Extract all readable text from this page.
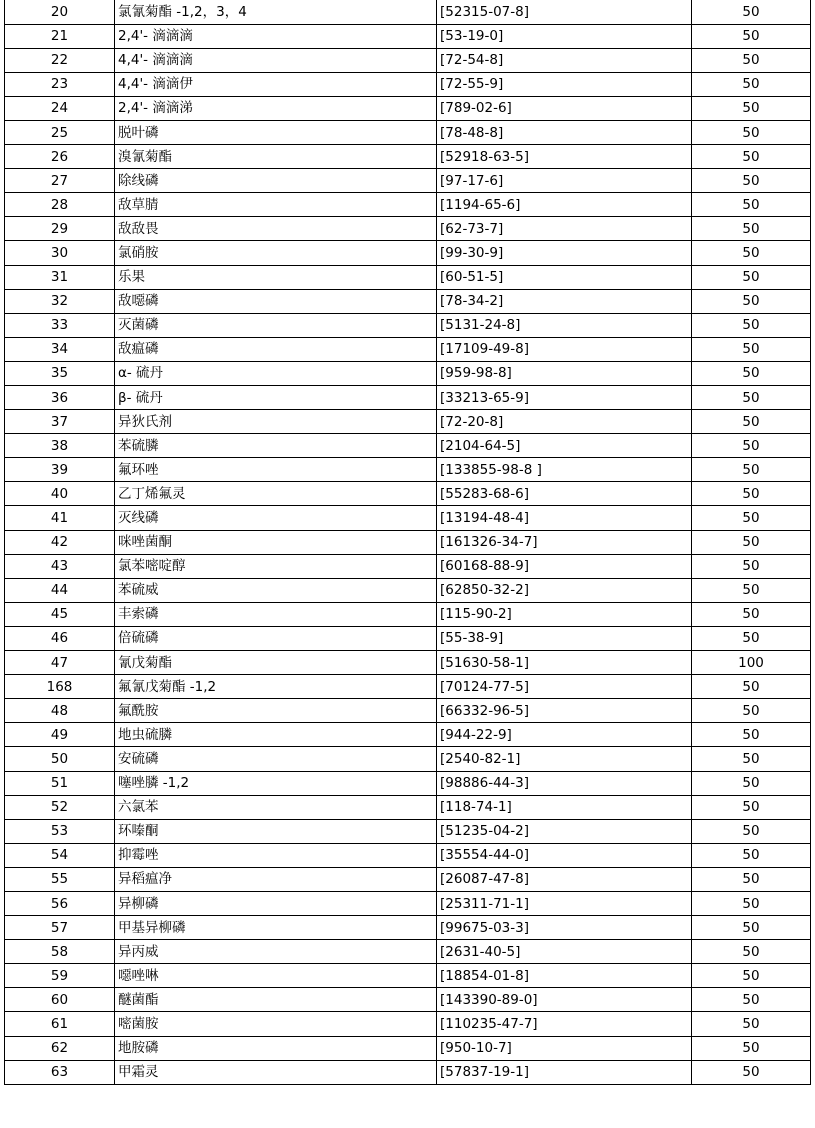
20	氯氰菊酯 -1,2，3，4	[52315-07-8]	50
21	2,4'- 滴滴滴	[53-19-0]	50
22	4,4'- 滴滴滴	[72-54-8]	50
23	4,4'- 滴滴伊	[72-55-9]	50
24	2,4'- 滴滴涕	[789-02-6]	50
25	脱叶磷	[78-48-8]	50
26	溴氰菊酯	[52918-63-5]	50
27	除线磷	[97-17-6]	50
28	敌草腈	[1194-65-6]	50
29	敌敌畏	[62-73-7]	50
30	氯硝胺	[99-30-9]	50
31	乐果	[60-51-5]	50
32	敌噁磷	[78-34-2]	50
33	灭菌磷	[5131-24-8]	50
34	敌瘟磷	[17109-49-8]	50
35	α- 硫丹	[959-98-8]	50
36	β- 硫丹	[33213-65-9]	50
37	异狄氏剂	[72-20-8]	50
38	苯硫膦	[2104-64-5]	50
39	氟环唑	[133855-98-8 ]	50
40	乙丁烯氟灵	[55283-68-6]	50
41	灭线磷	[13194-48-4]	50
42	咪唑菌酮	[161326-34-7]	50
43	氯苯嘧啶醇	[60168-88-9]	50
44	苯硫威	[62850-32-2]	50
45	丰索磷	[115-90-2]	50
46	倍硫磷	[55-38-9]	50
47	氰戊菊酯	[51630-58-1]	100
168	氟氰戊菊酯 -1,2	[70124-77-5]	50
48	氟酰胺	[66332-96-5]	50
49	地虫硫膦	[944-22-9]	50
50	安硫磷	[2540-82-1]	50
51	噻唑膦 -1,2	[98886-44-3]	50
52	六氯苯	[118-74-1]	50
53	环嗪酮	[51235-04-2]	50
54	抑霉唑	[35554-44-0]	50
55	异稻瘟净	[26087-47-8]	50
56	异柳磷	[25311-71-1]	50
57	甲基异柳磷	[99675-03-3]	50
58	异丙威	[2631-40-5]	50
59	噁唑啉	[18854-01-8]	50
60	醚菌酯	[143390-89-0]	50
61	嘧菌胺	[110235-47-7]	50
62	地胺磷	[950-10-7]	50
63	甲霜灵	[57837-19-1]	50
